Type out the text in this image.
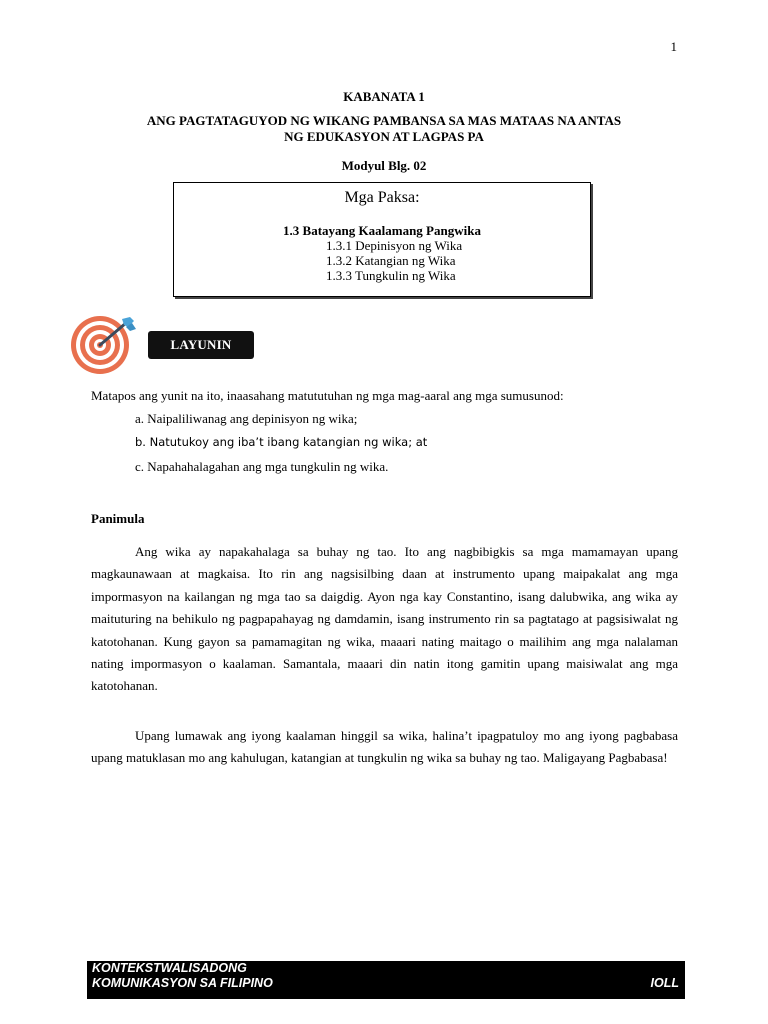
1
KABANATA 1
ANG PAGTATAGUYOD NG WIKANG PAMBANSA SA MAS MATAAS NA ANTAS
NG EDUKASYON AT LAGPAS PA
Modyul Blg. 02
Mga Paksa:
1.3 Batayang Kaalamang Pangwika
1.3.1 Depinisyon ng Wika
1.3.2 Katangian ng Wika
1.3.3 Tungkulin ng Wika
LAYUNIN
Matapos ang yunit na ito, inaasahang matututuhan ng mga mag-aaral ang mga sumusunod:
a. Naipaliliwanag ang depinisyon ng wika;
b. Natutukoy ang iba’t ibang katangian ng wika; at
c. Napahahalagahan ang mga tungkulin ng wika.
Panimula
Ang wika ay napakahalaga sa buhay ng tao. Ito ang nagbibigkis sa mga mamamayan upang magkaunawaan at magkaisa. Ito rin ang nagsisilbing daan at instrumento upang maipakalat ang mga impormasyon na kailangan ng mga tao sa daigdig. Ayon nga kay Constantino, isang dalubwika, ang wika ay maituturing na behikulo ng pagpapahayag ng damdamin, isang instrumento rin sa pagtatago at pagsisiwalat ng katotohanan. Kung gayon sa pamamagitan ng wika, maaari nating maitago o mailihim ang mga nalalaman nating impormasyon o kaalaman. Samantala, maaari din natin itong gamitin upang maisiwalat ang mga katotohanan.
Upang lumawak ang iyong kaalaman hinggil sa wika, halina’t ipagpatuloy mo ang iyong pagbabasa upang matuklasan mo ang kahulugan, katangian at tungkulin ng wika sa buhay ng tao. Maligayang Pagbabasa!
KONTEKSTWALISADONG
KOMUNIKASYON SA FILIPINO	IOLL
